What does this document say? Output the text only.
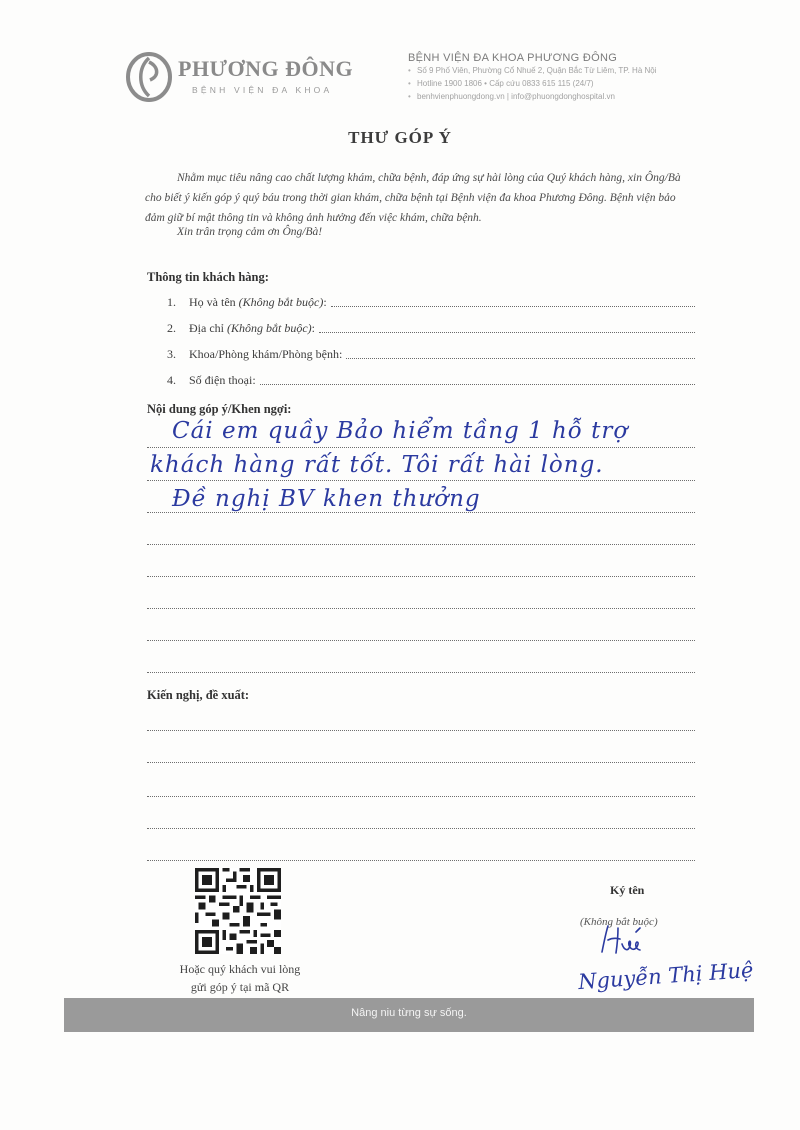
PHƯƠNG ĐÔNG
BỆNH VIỆN ĐA KHOA
BỆNH VIỆN ĐA KHOA PHƯƠNG ĐÔNG
• Số 9 Phố Viên, Phường Cổ Nhuế 2, Quận Bắc Từ Liêm, TP. Hà Nội
• Hotline 1900 1806 • Cấp cứu 0833 615 115 (24/7)
• benhvienphuongdong.vn | info@phuongdonghospital.vn
THƯ GÓP Ý
Nhằm mục tiêu nâng cao chất lượng khám, chữa bệnh, đáp ứng sự hài lòng của Quý khách hàng, xin Ông/Bà cho biết ý kiến góp ý quý báu trong thời gian khám, chữa bệnh tại Bệnh viện đa khoa Phương Đông. Bệnh viện bảo đảm giữ bí mật thông tin và không ảnh hưởng đến việc khám, chữa bệnh.
Xin trân trọng cảm ơn Ông/Bà!
Thông tin khách hàng:
1.	Họ và tên (Không bắt buộc):
2.	Địa chỉ (Không bắt buộc):
3.	Khoa/Phòng khám/Phòng bệnh:
4.	Số điện thoại:
Nội dung góp ý/Khen ngợi:
Cái em quầy Bảo hiểm tầng 1 hỗ trợ
khách hàng rất tốt. Tôi rất hài lòng.
Đề nghị BV khen thưởng
Kiến nghị, đề xuất:
Hoặc quý khách vui lòng
gửi góp ý tại mã QR
Ký tên
(Không bắt buộc)
Nguyễn Thị Huệ
Nâng niu từng sự sống.
